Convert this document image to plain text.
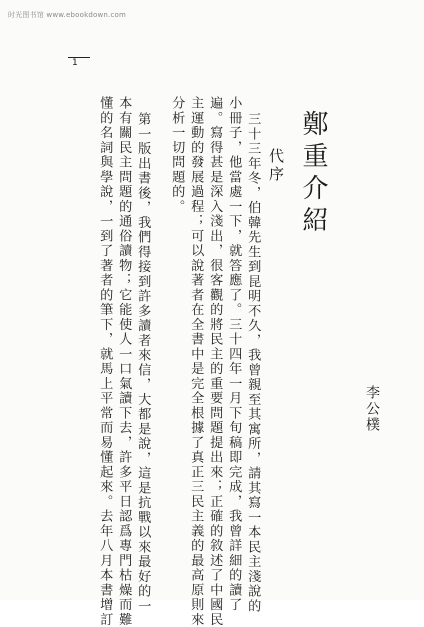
时光图书馆 www.ebookdown.com
1
鄭重介紹
代序
李公樸
三十三年冬，伯韓先生到昆明不久，我曾親至其寓所，請其寫一本民主淺說的
小冊子，他當處一下，就答應了。三十四年一月下旬稿即完成，我曾詳細的讀了
遍。寫得甚是深入淺出，很客觀的將民主的重要問題提出來；正確的敘述了中國民
主運動的發展過程；可以說著者在全書中是完全根據了真正三民主義的最高原則來
分析一切問題的。
第一版出書後，我們得接到許多讀者來信，大都是說，這是抗戰以來最好的一
本有關民主問題的通俗讀物；它能使人一口氣讀下去，許多平日認爲專門枯燥而難
懂的名詞與學說，一到了著者的筆下，就馬上平常而易懂起來。去年八月本書增訂
